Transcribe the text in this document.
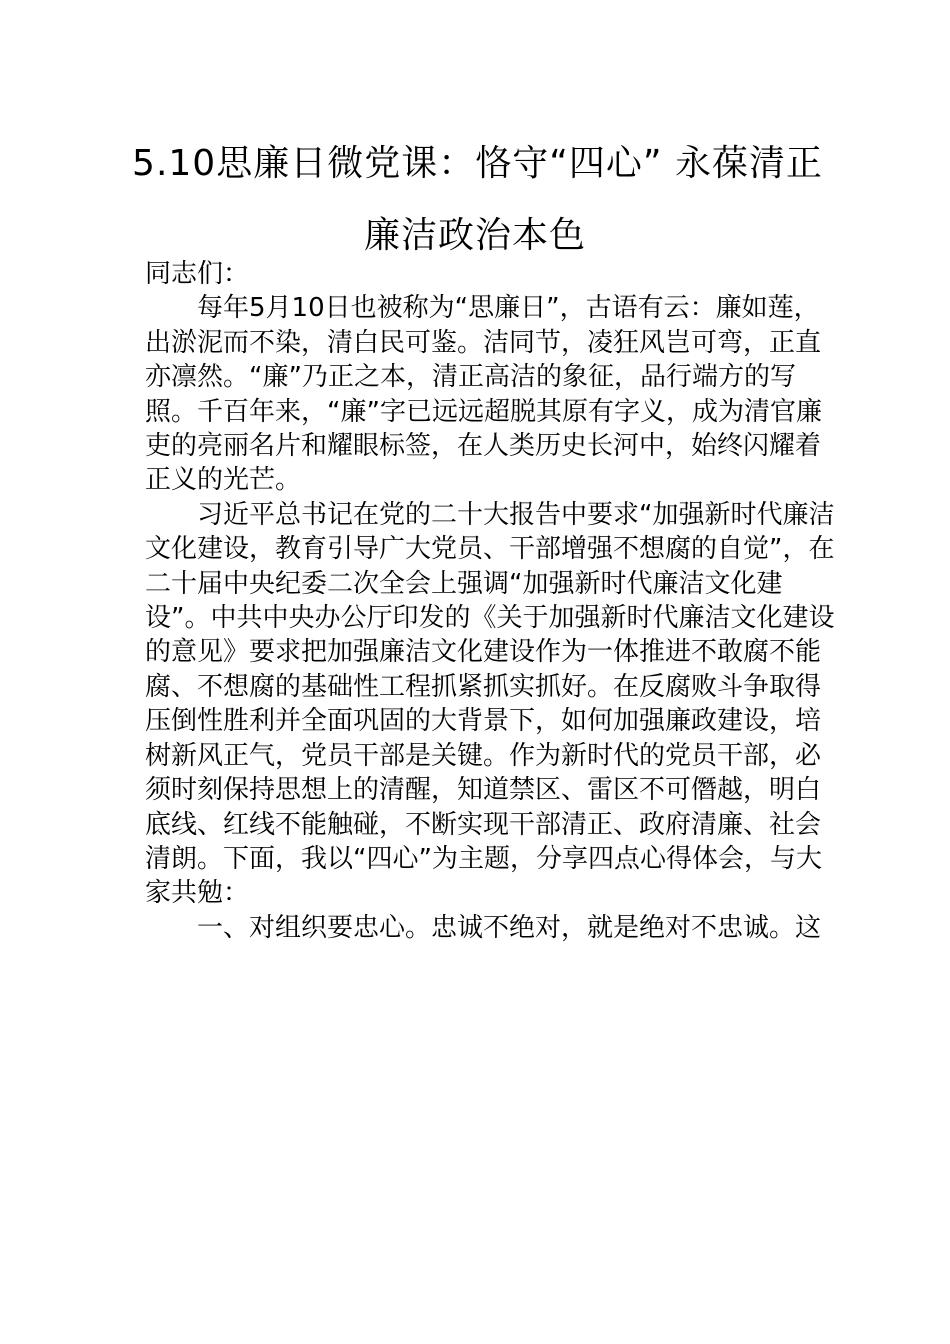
5.10思廉日微党课：恪守“四心” 永葆清正
廉洁政治本色

同志们：

每年5月10日也被称为“思廉日”，古语有云：廉如莲，出淤泥而不染，清白民可鉴。洁同节，凌狂风岂可弯，正直亦凛然。“廉”乃正之本，清正高洁的象征，品行端方的写照。千百年来，“廉”字已远远超脱其原有字义，成为清官廉吏的亮丽名片和耀眼标签，在人类历史长河中，始终闪耀着正义的光芒。

习近平总书记在党的二十大报告中要求“加强新时代廉洁文化建设，教育引导广大党员、干部增强不想腐的自觉”，在二十届中央纪委二次全会上强调“加强新时代廉洁文化建设”。中共中央办公厅印发的《关于加强新时代廉洁文化建设的意见》要求把加强廉洁文化建设作为一体推进不敢腐不能腐、不想腐的基础性工程抓紧抓实抓好。在反腐败斗争取得压倒性胜利并全面巩固的大背景下，如何加强廉政建设，培树新风正气，党员干部是关键。作为新时代的党员干部，必须时刻保持思想上的清醒，知道禁区、雷区不可僭越，明白底线、红线不能触碰，不断实现干部清正、政府清廉、社会清朗。下面，我以“四心”为主题，分享四点心得体会，与大家共勉：

一、对组织要忠心。忠诚不绝对，就是绝对不忠诚。这
